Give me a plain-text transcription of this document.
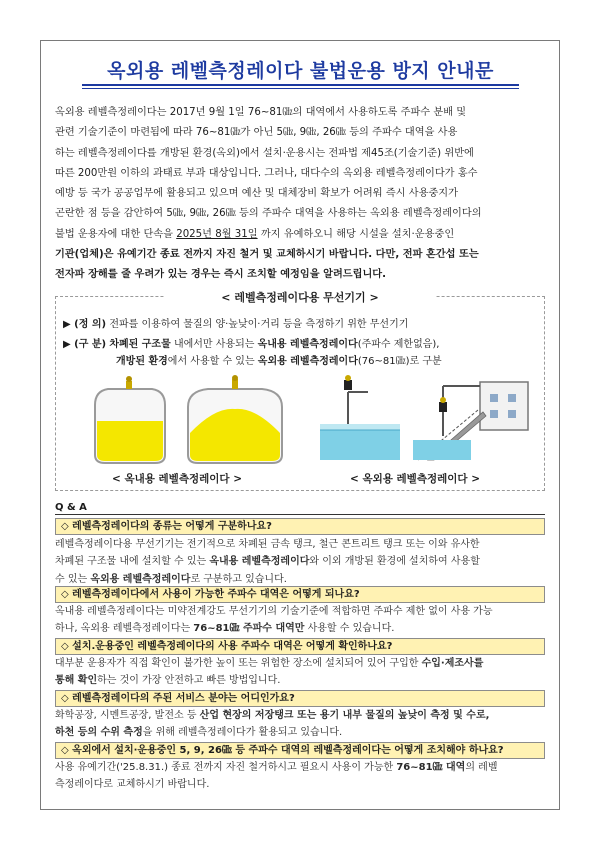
옥외용 레벨측정레이다 불법운용 방지 안내문
옥외용 레벨측정레이다는 2017년 9월 1일 76~81㎓의 대역에서 사용하도록 주파수 분배 및
관련 기술기준이 마련됨에 따라 76~81㎓가 아닌 5㎓, 9㎓, 26㎓ 등의 주파수 대역을 사용
하는 레벨측정레이다를 개방된 환경(옥외)에서 설치·운용시는 전파법 제45조(기술기준) 위반에
따른 200만원 이하의 과태료 부과 대상입니다. 그러나, 대다수의 옥외용 레벨측정레이다가 홍수
예방 등 국가 공공업무에 활용되고 있으며 예산 및 대체장비 확보가 어려워 즉시 사용중지가
곤란한 점 등을 감안하여 5㎓, 9㎓, 26㎓ 등의 주파수 대역을 사용하는 옥외용 레벨측정레이다의
불법 운용자에 대한 단속을 2025년 8월 31일 까지 유예하오니 해당 시설을 설치·운용중인
기관(업체)은 유예기간 종료 전까지 자진 철거 및 교체하시기 바랍니다. 다만, 전파 혼간섭 또는
전자파 장해를 줄 우려가 있는 경우는 즉시 조치할 예정임을 알려드립니다.
< 레벨측정레이다용 무선기기 >
▶ (정 의) 전파를 이용하여 물질의 양·높낮이·거리 등을 측정하기 위한 무선기기
▶ (구 분) 차폐된 구조물 내에서만 사용되는 옥내용 레벨측정레이다(주파수 제한없음),
개방된 환경에서 사용할 수 있는 옥외용 레벨측정레이다(76~81㎓)로 구분
< 옥내용 레벨측정레이다 >	< 옥외용 레벨측정레이다 >
Q & A
◇ 레벨측정레이다의 종류는 어떻게 구분하나요?
레벨측정레이다용 무선기기는 전기적으로 차폐된 금속 탱크, 철근 콘트리트 탱크 또는 이와 유사한
차폐된 구조물 내에 설치할 수 있는 옥내용 레벨측정레이다와 이외 개방된 환경에 설치하여 사용할
수 있는 옥외용 레벨측정레이다로 구분하고 있습니다.
◇ 레벨측정레이다에서 사용이 가능한 주파수 대역은 어떻게 되나요?
옥내용 레벨측정레이다는 미약전계강도 무선기기의 기술기준에 적합하면 주파수 제한 없이 사용 가능
하나, 옥외용 레벨측정레이다는 76~81㎓ 주파수 대역만 사용할 수 있습니다.
◇ 설치.운용중인 레벨측정레이다의 사용 주파수 대역은 어떻게 확인하나요?
대부분 운용자가 직접 확인이 불가한 높이 또는 위험한 장소에 설치되어 있어 구입한 수입·제조사를
통해 확인하는 것이 가장 안전하고 빠른 방법입니다.
◇ 레벨측정레이다의 주된 서비스 분야는 어디인가요?
화학공장, 시멘트공장, 발전소 등 산업 현장의 저장탱크 또는 용기 내부 물질의 높낮이 측정 및 수로,
하천 등의 수위 측정을 위해 레벨측정레이다가 활용되고 있습니다.
◇ 옥외에서 설치·운용중인 5, 9, 26㎓ 등 주파수 대역의 레벨측정레이다는 어떻게 조치해야 하나요?
사용 유예기간('25.8.31.) 종료 전까지 자진 철거하시고 필요시 사용이 가능한 76~81㎓ 대역의 레벨
측정레이다로 교체하시기 바랍니다.
